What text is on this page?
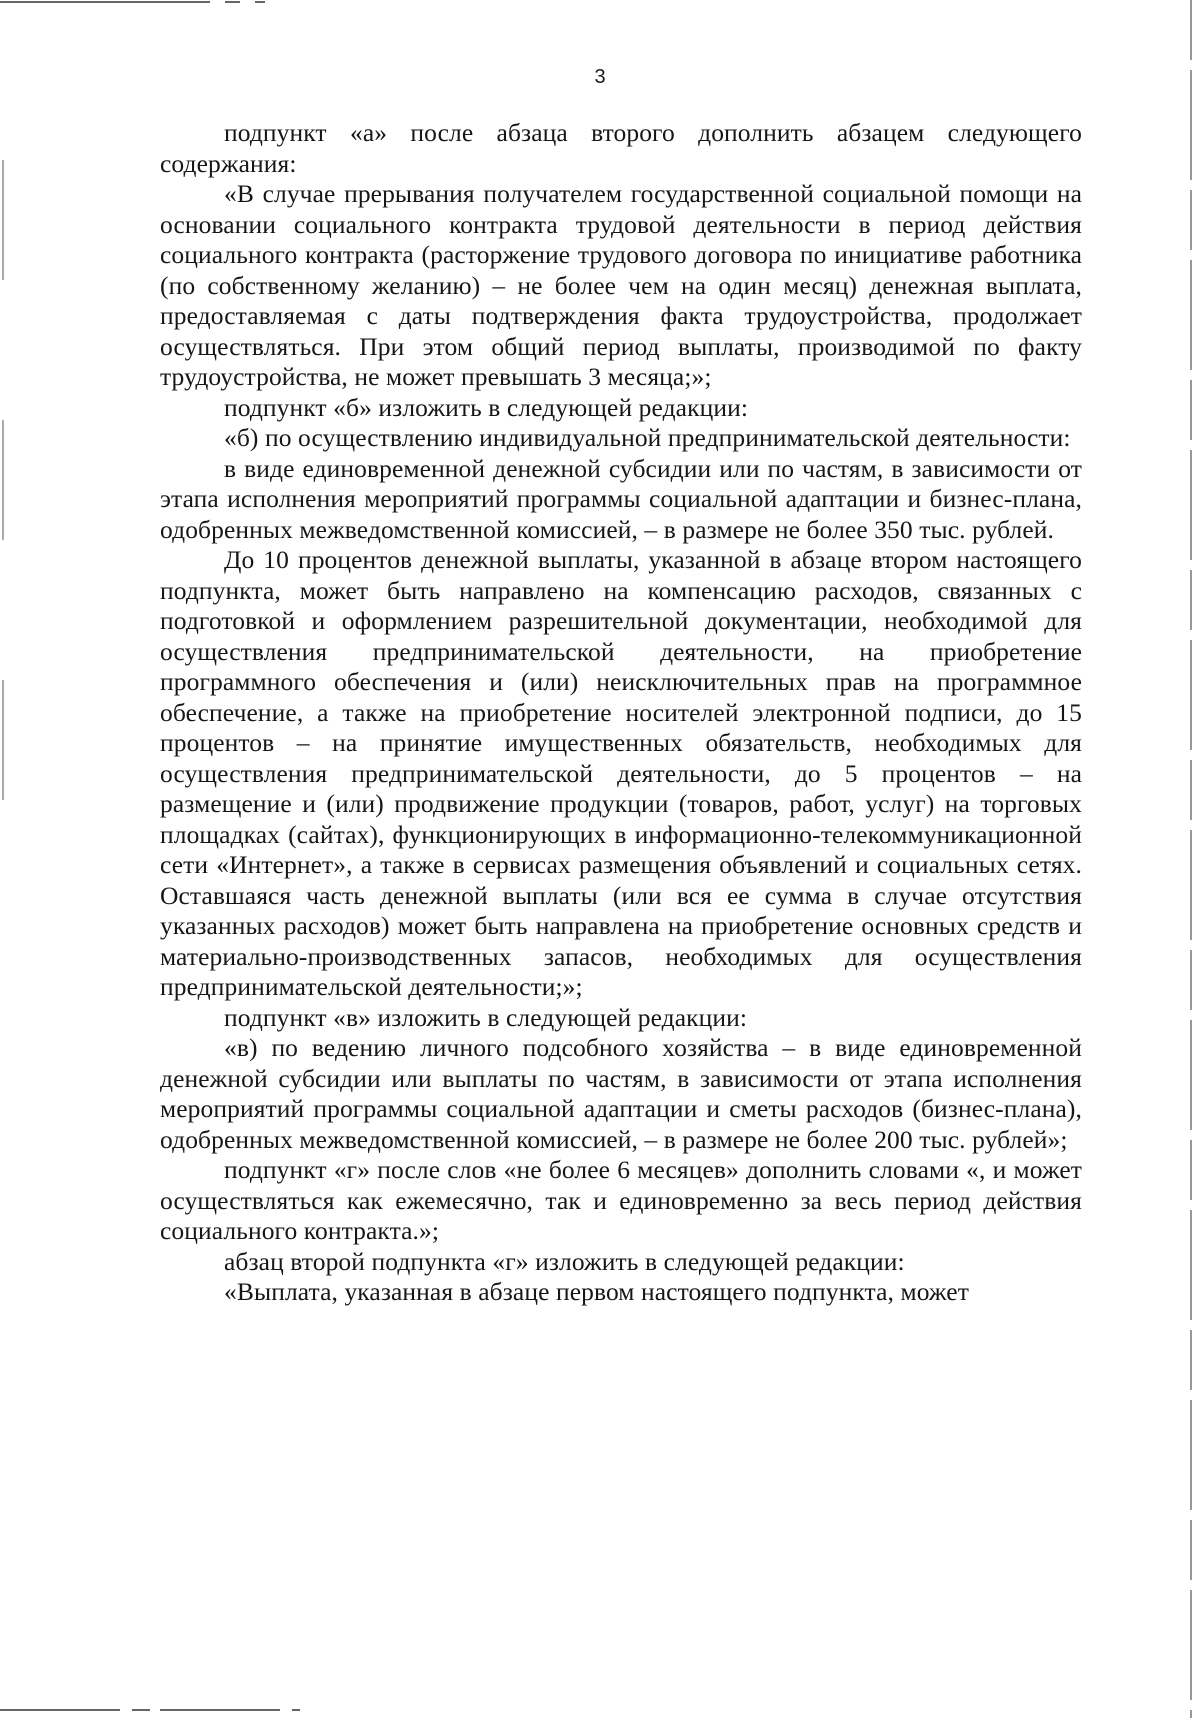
3

подпункт «а» после абзаца второго дополнить абзацем следующего содержания:

«В случае прерывания получателем государственной социальной помощи на основании социального контракта трудовой деятельности в период действия социального контракта (расторжение трудового договора по инициативе работника (по собственному желанию) – не более чем на один месяц) денежная выплата, предоставляемая с даты подтверждения факта трудоустройства, продолжает осуществляться. При этом общий период выплаты, производимой по факту трудоустройства, не может превышать 3 месяца;»;

подпункт «б» изложить в следующей редакции:

«б) по осуществлению индивидуальной предпринимательской деятельности:

в виде единовременной денежной субсидии или по частям, в зависимости от этапа исполнения мероприятий программы социальной адаптации и бизнес-плана, одобренных межведомственной комиссией, – в размере не более 350 тыс. рублей.

До 10 процентов денежной выплаты, указанной в абзаце втором настоящего подпункта, может быть направлено на компенсацию расходов, связанных с подготовкой и оформлением разрешительной документации, необходимой для осуществления предпринимательской деятельности, на приобретение программного обеспечения и (или) неисключительных прав на программное обеспечение, а также на приобретение носителей электронной подписи, до 15 процентов – на принятие имущественных обязательств, необходимых для осуществления предпринимательской деятельности, до 5 процентов – на размещение и (или) продвижение продукции (товаров, работ, услуг) на торговых площадках (сайтах), функционирующих в информационно-телекоммуникационной сети «Интернет», а также в сервисах размещения объявлений и социальных сетях. Оставшаяся часть денежной выплаты (или вся ее сумма в случае отсутствия указанных расходов) может быть направлена на приобретение основных средств и материально-производственных запасов, необходимых для осуществления предпринимательской деятельности;»;

подпункт «в» изложить в следующей редакции:

«в) по ведению личного подсобного хозяйства – в виде единовременной денежной субсидии или выплаты по частям, в зависимости от этапа исполнения мероприятий программы социальной адаптации и сметы расходов (бизнес-плана), одобренных межведомственной комиссией, – в размере не более 200 тыс. рублей»;

подпункт «г» после слов «не более 6 месяцев» дополнить словами «, и может осуществляться как ежемесячно, так и единовременно за весь период действия социального контракта.»;

абзац второй подпункта «г» изложить в следующей редакции:

«Выплата, указанная в абзаце первом настоящего подпункта, может
